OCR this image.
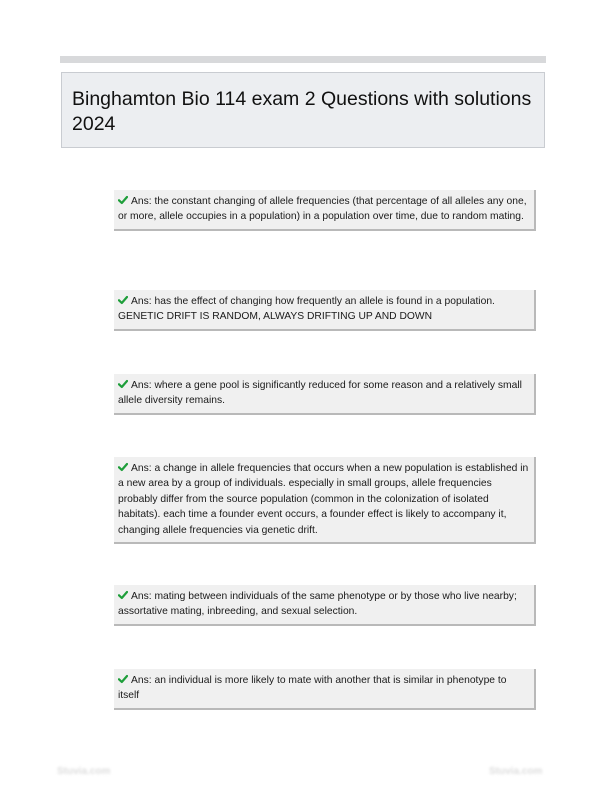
Binghamton Bio 114 exam 2 Questions with solutions 2024
Ans: the constant changing of allele frequencies (that percentage of all alleles any one, or more, allele occupies in a population) in a population over time, due to random mating.
Ans: has the effect of changing how frequently an allele is found in a population. GENETIC DRIFT IS RANDOM, ALWAYS DRIFTING UP AND DOWN
Ans: where a gene pool is significantly reduced for some reason and a relatively small allele diversity remains.
Ans: a change in allele frequencies that occurs when a new population is established in a new area by a group of individuals. especially in small groups, allele frequencies probably differ from the source population (common in the colonization of isolated habitats). each time a founder event occurs, a founder effect is likely to accompany it, changing allele frequencies via genetic drift.
Ans: mating between individuals of the same phenotype or by those who live nearby; assortative mating, inbreeding, and sexual selection.
Ans: an individual is more likely to mate with another that is similar in phenotype to itself
Stuvia.com	Stuvia.com
